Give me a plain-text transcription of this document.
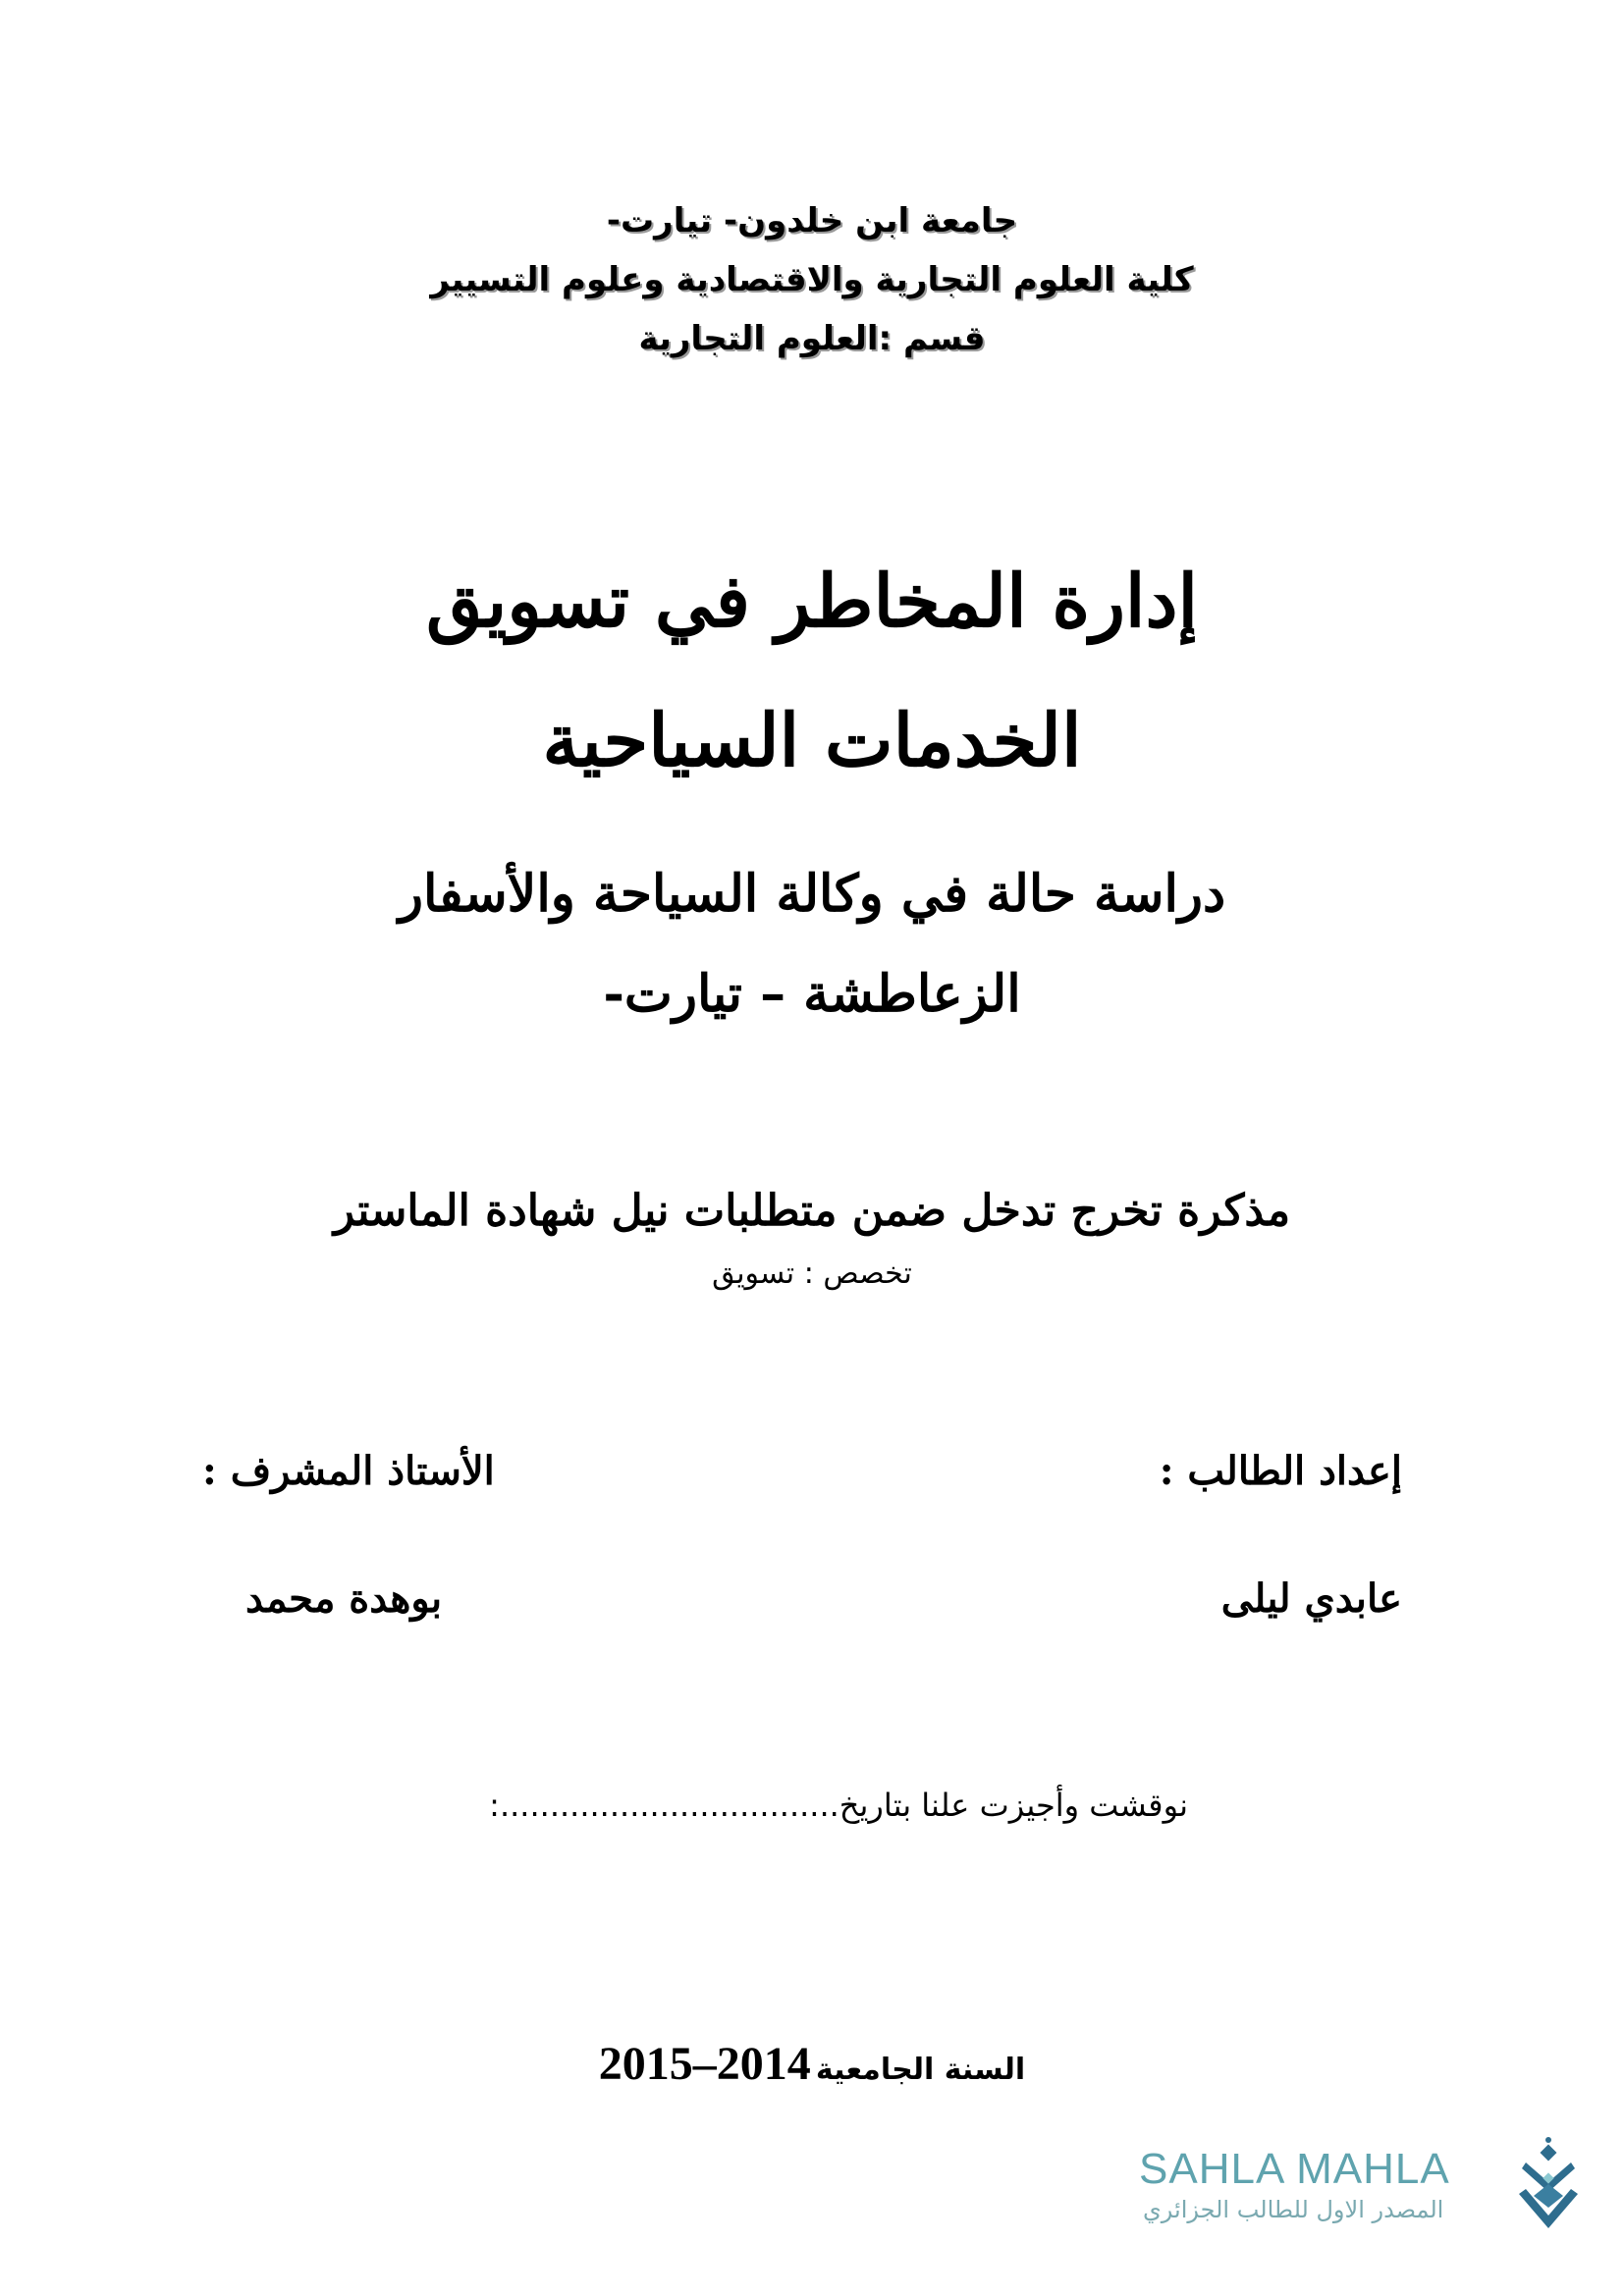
جامعة ابن خلدون- تيارت-
كلية العلوم التجارية والاقتصادية وعلوم التسيير
قسم :العلوم التجارية
إدارة المخاطر في تسويق
الخدمات السياحية
دراسة حالة في وكالة السياحة والأسفار
الزعاطشة – تيارت-
مذكرة تخرج تدخل ضمن متطلبات نيل شهادة الماستر
تخصص : تسويق
إعداد الطالب :
الأستاذ المشرف :
عابدي ليلى
بوهدة محمد
نوقشت وأجيزت علنا بتاريخ..................................:
السنة الجامعية 2014–2015
SAHLA MAHLA
المصدر الاول للطالب الجزائري
